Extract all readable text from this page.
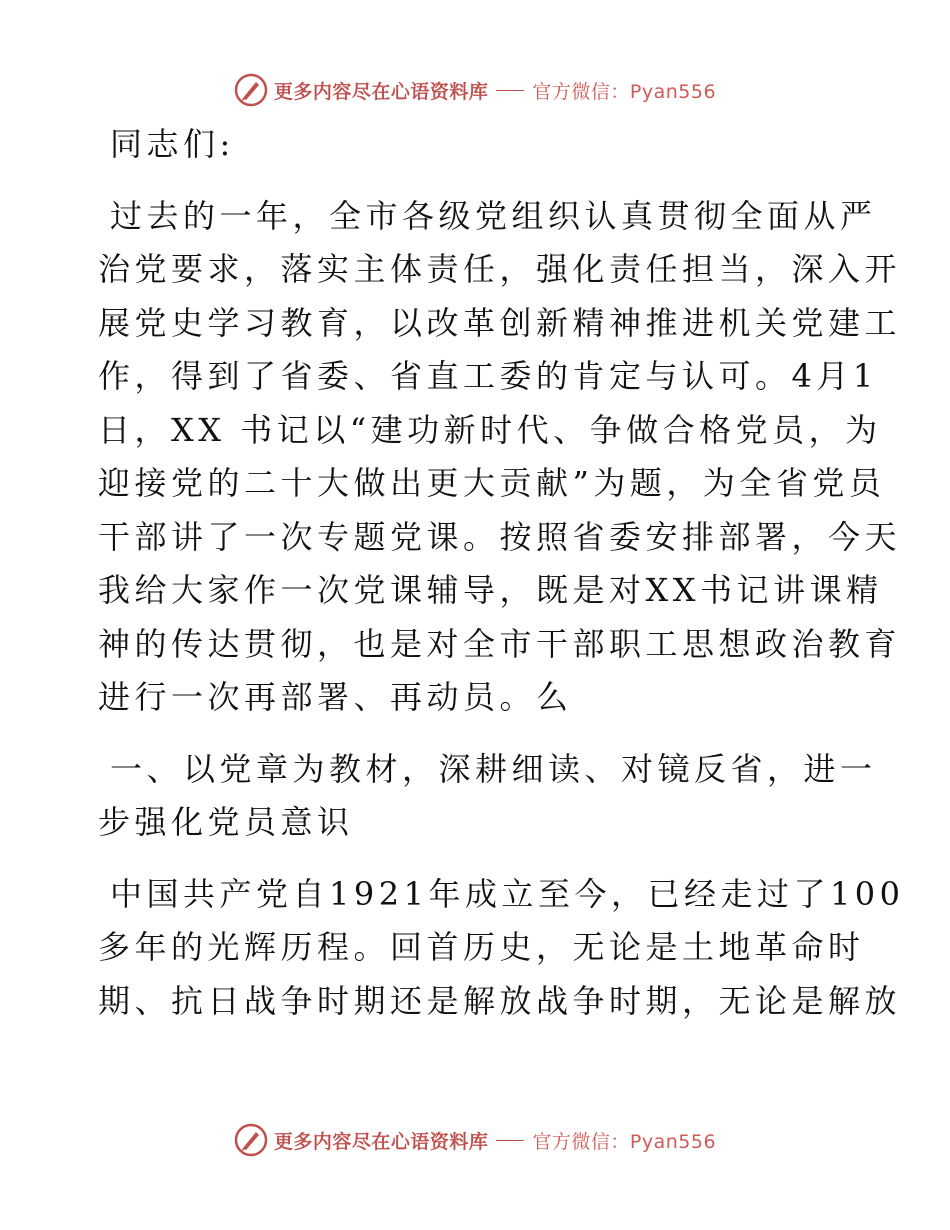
更多内容尽在心语资料库 官方微信：Pyan556
同志们:
过去的一年，全市各级党组织认真贯彻全面从严
治党要求，落实主体责任，强化责任担当，深入开
展党史学习教育，以改革创新精神推进机关党建工
作，得到了省委、省直工委的肯定与认可。4月1
日，XX 书记以“建功新时代、争做合格党员，为
迎接党的二十大做出更大贡献”为题，为全省党员
干部讲了一次专题党课。按照省委安排部署，今天
我给大家作一次党课辅导，既是对XX书记讲课精
神的传达贯彻，也是对全市干部职工思想政治教育
进行一次再部署、再动员。么
一、以党章为教材，深耕细读、对镜反省，进一
步强化党员意识
中国共产党自1921年成立至今，已经走过了100
多年的光辉历程。回首历史，无论是土地革命时
期、抗日战争时期还是解放战争时期，无论是解放
更多内容尽在心语资料库 官方微信：Pyan556
